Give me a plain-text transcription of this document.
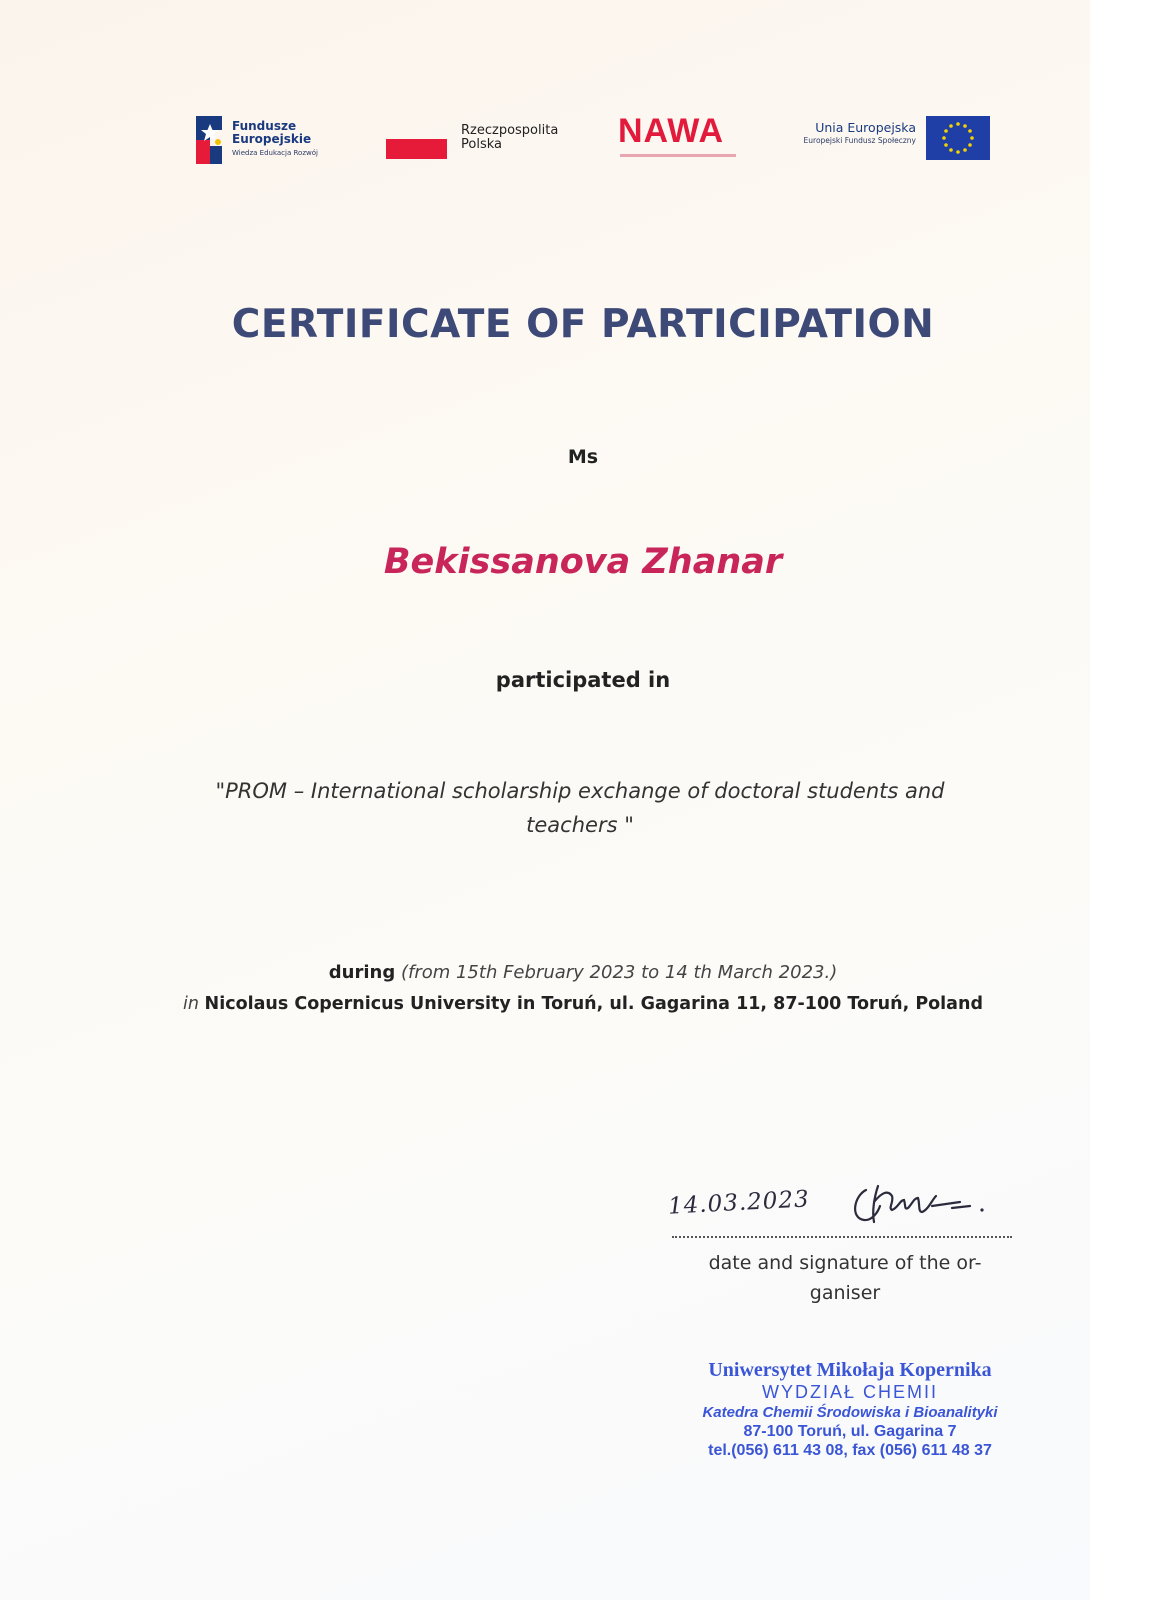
Fundusze
Europejskie
Wiedza Edukacja Rozwój
Rzeczpospolita
Polska	NAWA	Unia Europejska
Europejski Fundusz Społeczny
CERTIFICATE OF PARTICIPATION
Ms
Bekissanova Zhanar
participated in
"PROM – International scholarship exchange of doctoral students and
teachers "
during (from 15th February 2023 to 14 th March 2023.)
in Nicolaus Copernicus University in Toruń, ul. Gagarina 11, 87-100 Toruń, Poland
14.03.2023
date and signature of the or-
ganiser
Uniwersytet Mikołaja Kopernika
WYDZIAŁ CHEMII
Katedra Chemii Środowiska i Bioanalityki
87-100 Toruń, ul. Gagarina 7
tel.(056) 611 43 08, fax (056) 611 48 37
